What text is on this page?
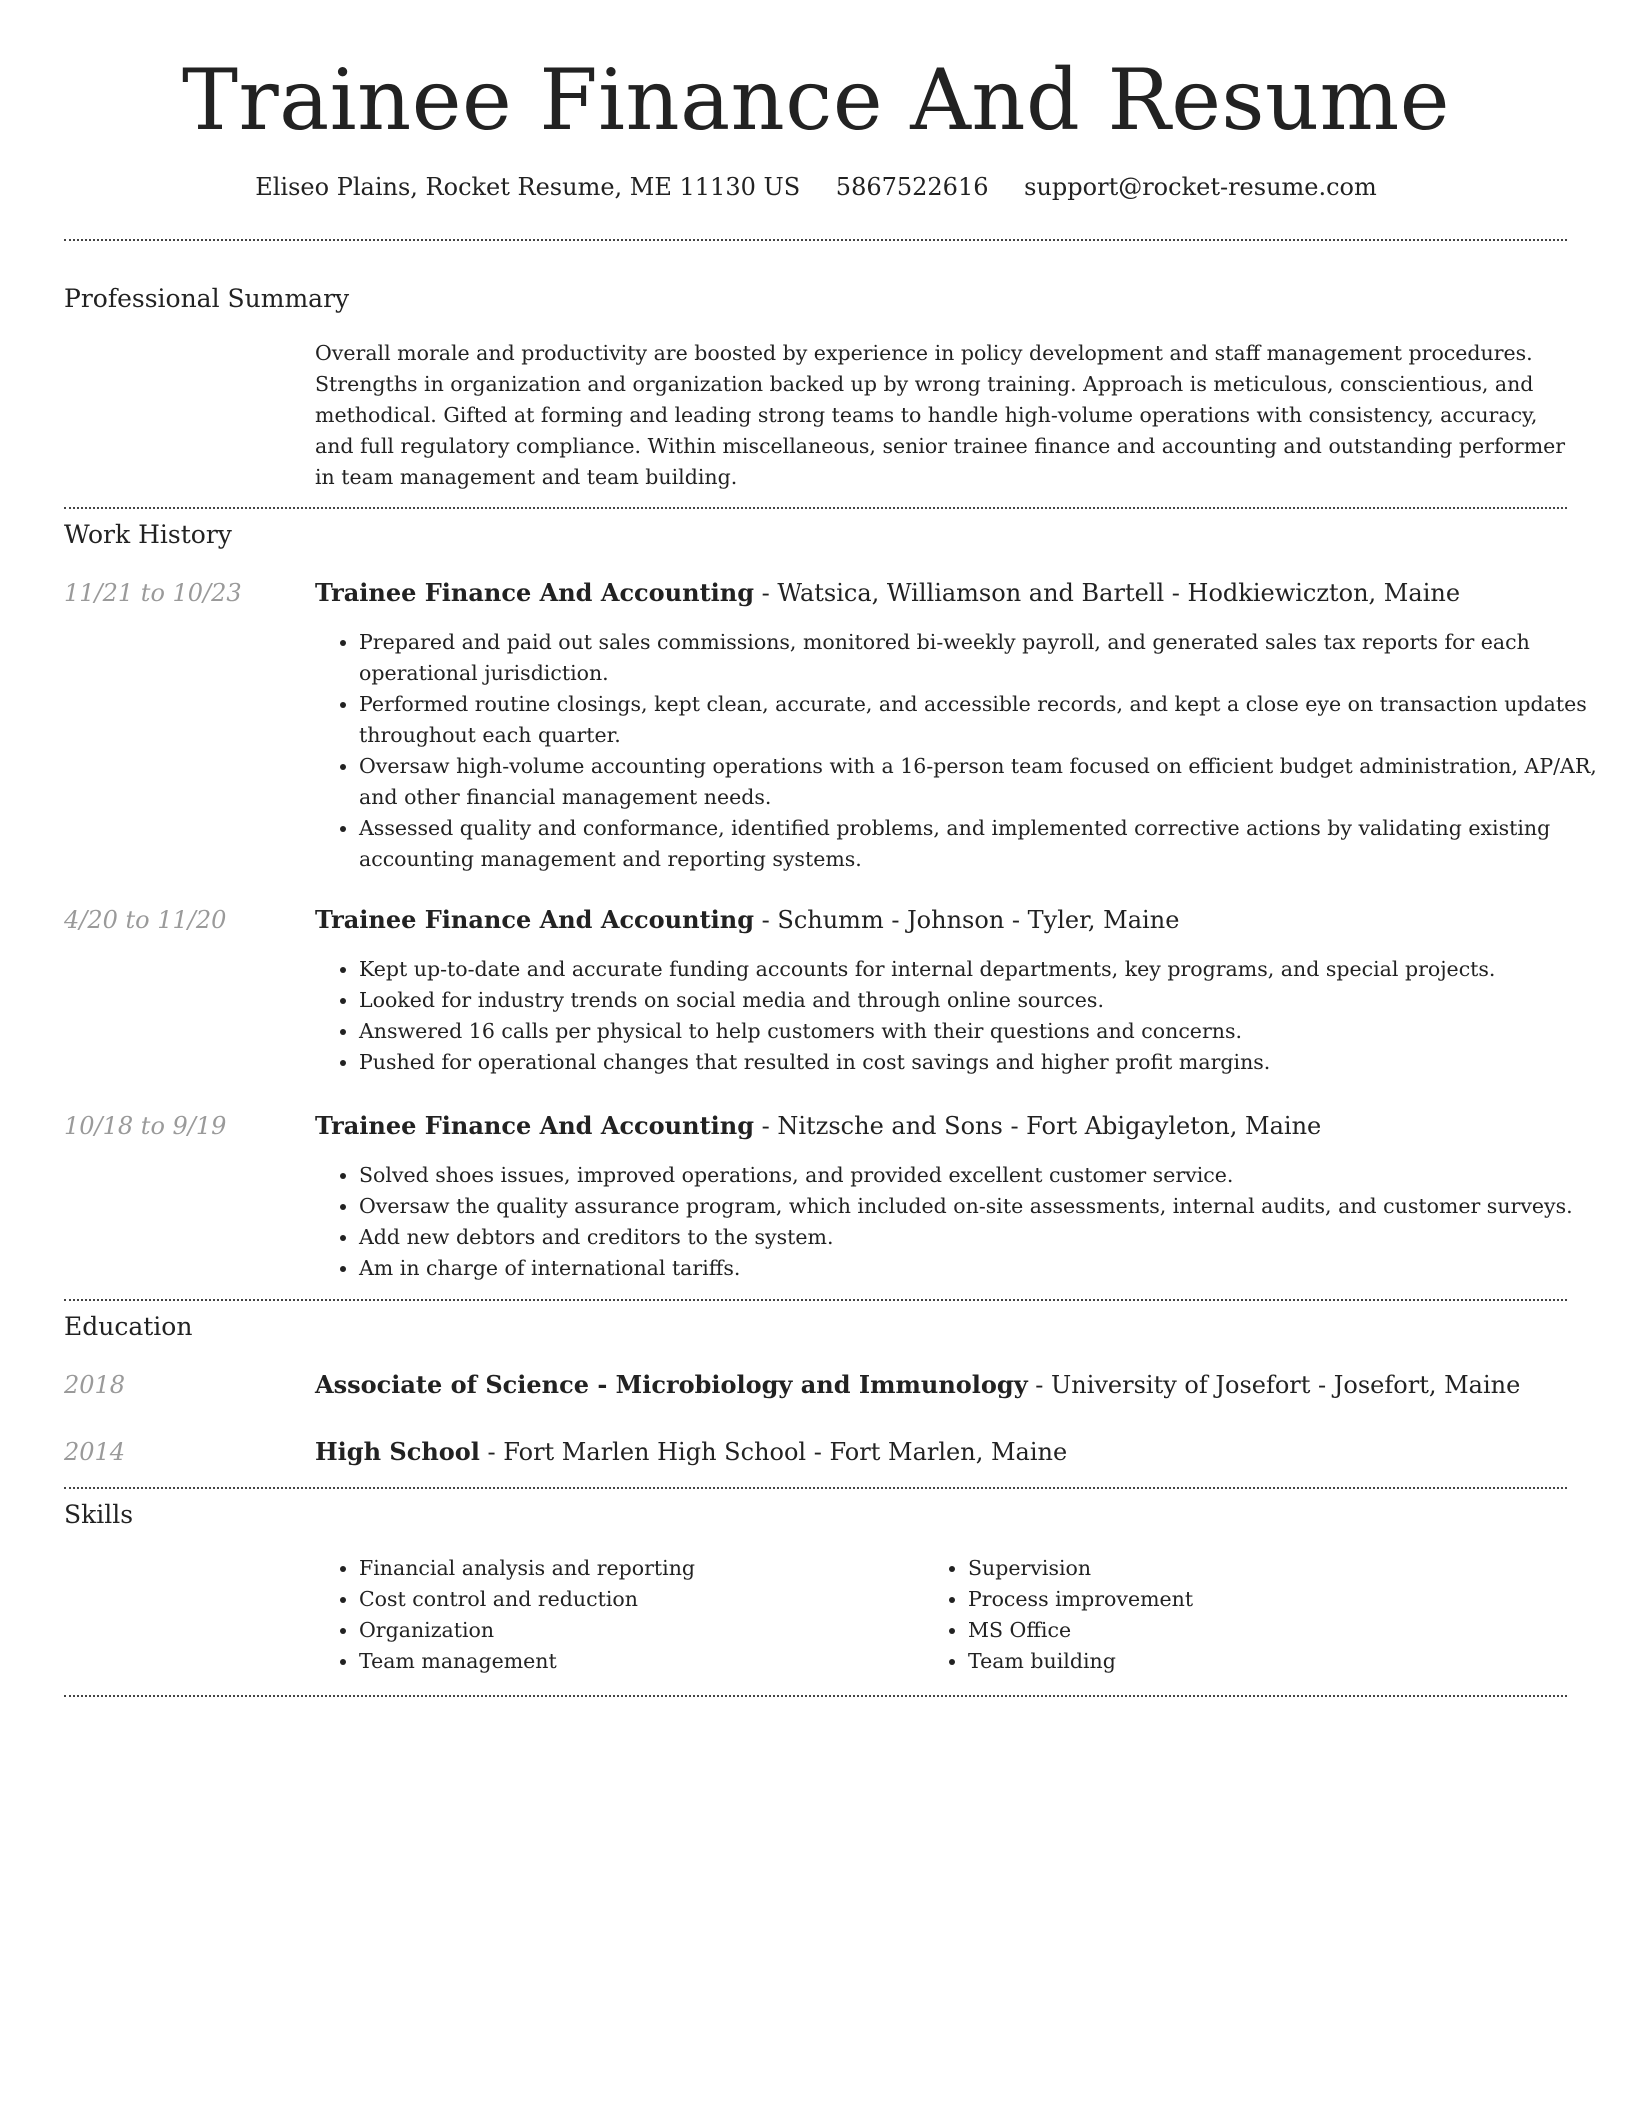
Trainee Finance And Resume
Eliseo Plains, Rocket Resume, ME 11130 US 5867522616 support@rocket-resume.com
Professional Summary

Overall morale and productivity are boosted by experience in policy development and staff management procedures. Strengths in organization and organization backed up by wrong training. Approach is meticulous, conscientious, and methodical. Gifted at forming and leading strong teams to handle high-volume operations with consistency, accuracy, and full regulatory compliance. Within miscellaneous, senior trainee finance and accounting and outstanding performer in team management and team building.

Work History
11/21 to 10/23	Trainee Finance And Accounting - Watsica, Williamson and Bartell - Hodkiewiczton, Maine
• Prepared and paid out sales commissions, monitored bi-weekly payroll, and generated sales tax reports for each operational jurisdiction.
• Performed routine closings, kept clean, accurate, and accessible records, and kept a close eye on transaction updates throughout each quarter.
• Oversaw high-volume accounting operations with a 16-person team focused on efficient budget administration, AP/AR, and other financial management needs.
• Assessed quality and conformance, identified problems, and implemented corrective actions by validating existing accounting management and reporting systems.
4/20 to 11/20	Trainee Finance And Accounting - Schumm - Johnson - Tyler, Maine
• Kept up-to-date and accurate funding accounts for internal departments, key programs, and special projects.
• Looked for industry trends on social media and through online sources.
• Answered 16 calls per physical to help customers with their questions and concerns.
• Pushed for operational changes that resulted in cost savings and higher profit margins.
10/18 to 9/19	Trainee Finance And Accounting - Nitzsche and Sons - Fort Abigayleton, Maine
• Solved shoes issues, improved operations, and provided excellent customer service.
• Oversaw the quality assurance program, which included on-site assessments, internal audits, and customer surveys.
• Add new debtors and creditors to the system.
• Am in charge of international tariffs.
Education
2018	Associate of Science - Microbiology and Immunology - University of Josefort - Josefort, Maine
2014	High School - Fort Marlen High School - Fort Marlen, Maine
Skills
• Financial analysis and reporting
• Cost control and reduction
• Organization
• Team management
• Supervision
• Process improvement
• MS Office
• Team building
